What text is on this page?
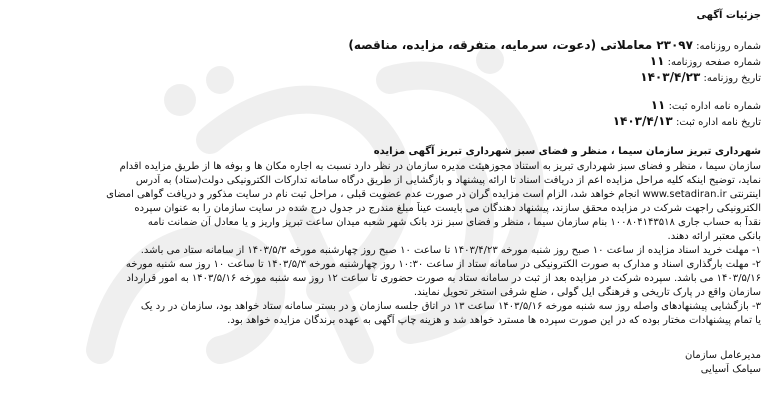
جزئیات آگهی
شماره روزنامه: ۲۳۰۹۷ معاملاتی (دعوت، سرمایه، متفرقه، مزایده، مناقصه)
شماره صفحه روزنامه: ۱۱
تاریخ روزنامه: ۱۴۰۳/۴/۲۳
شماره نامه اداره ثبت: ۱۱
تاریخ نامه اداره ثبت: ۱۴۰۳/۴/۱۳
شهرداری تبریز سازمان سیما ، منظر و فضای سبز شهرداری تبریز آگهی مزایده
سازمان سیما ، منظر و فضای سبز شهرداری تبریز به استناد مجوزهیئت مدیره سازمان در نظر دارد نسبت به اجاره مکان ها و بوفه ها از طریق مزایده اقدام
نماید، توضیح اینکه کلیه مراحل مزایده اعم از دریافت اسناد تا ارائه پیشنهاد و بازگشایی از طریق درگاه سامانه تدارکات الکترونیکی دولت(ستاد) به آدرس
اینترنتی www.setadiran.ir انجام خواهد شد، الزام است مزایده گران در صورت عدم عضویت قبلی ، مراحل ثبت نام در سایت مذکور و دریافت گواهی امضای
الکترونیکی راجهت شرکت در مزایده محقق سازند، پیشنهاد دهندگان می بایست عیناً مبلغ مندرج در جدول درج شده در سایت سازمان را به عنوان سپرده
نقداً به حساب جاری ۱۰۰۸۰۴۱۴۳۵۱۸ بنام سازمان سیما ، منظر و فضای سبز نزد بانک شهر شعبه میدان ساعت تبریز واریز و یا معادل آن ضمانت نامه
بانکی معتبر ارائه دهند.
۱- مهلت خرید اسناد مزایده از ساعت ۱۰ صبح روز شنبه مورخه ۱۴۰۳/۴/۲۳ تا ساعت ۱۰ صبح روز چهارشنبه مورخه ۱۴۰۳/۵/۳ از سامانه ستاد می باشد.
۲- مهلت بارگذاری اسناد و مدارک به صورت الکترونیکی در سامانه ستاد از ساعت ۱۰:۳۰ روز چهارشنبه مورخه ۱۴۰۳/۵/۳ تا ساعت ۱۰ روز سه شنبه مورخه
۱۴۰۳/۵/۱۶ می باشد. سپرده شرکت در مزایده بعد از ثبت در سامانه ستاد به صورت حضوری تا ساعت ۱۲ روز سه شنبه مورخه ۱۴۰۳/۵/۱۶ به امور قرارداد
سازمان واقع در پارک تاریخی و فرهنگی ایل گولی ، ضلع شرقی استخر تحویل نمایند.
۳- بازگشایی پیشنهادهای واصله روز سه شنبه مورخه ۱۴۰۳/۵/۱۶ ساعت ۱۳ در اتاق جلسه سازمان و در بستر سامانه ستاد خواهد بود، سازمان در رد یک
یا تمام پیشنهادات مختار بوده که در این صورت سپرده ها مسترد خواهد شد و هزینه چاپ آگهی به عهده برندگان مزایده خواهد بود.
مدیرعامل سازمان
سیامک آسیایی
